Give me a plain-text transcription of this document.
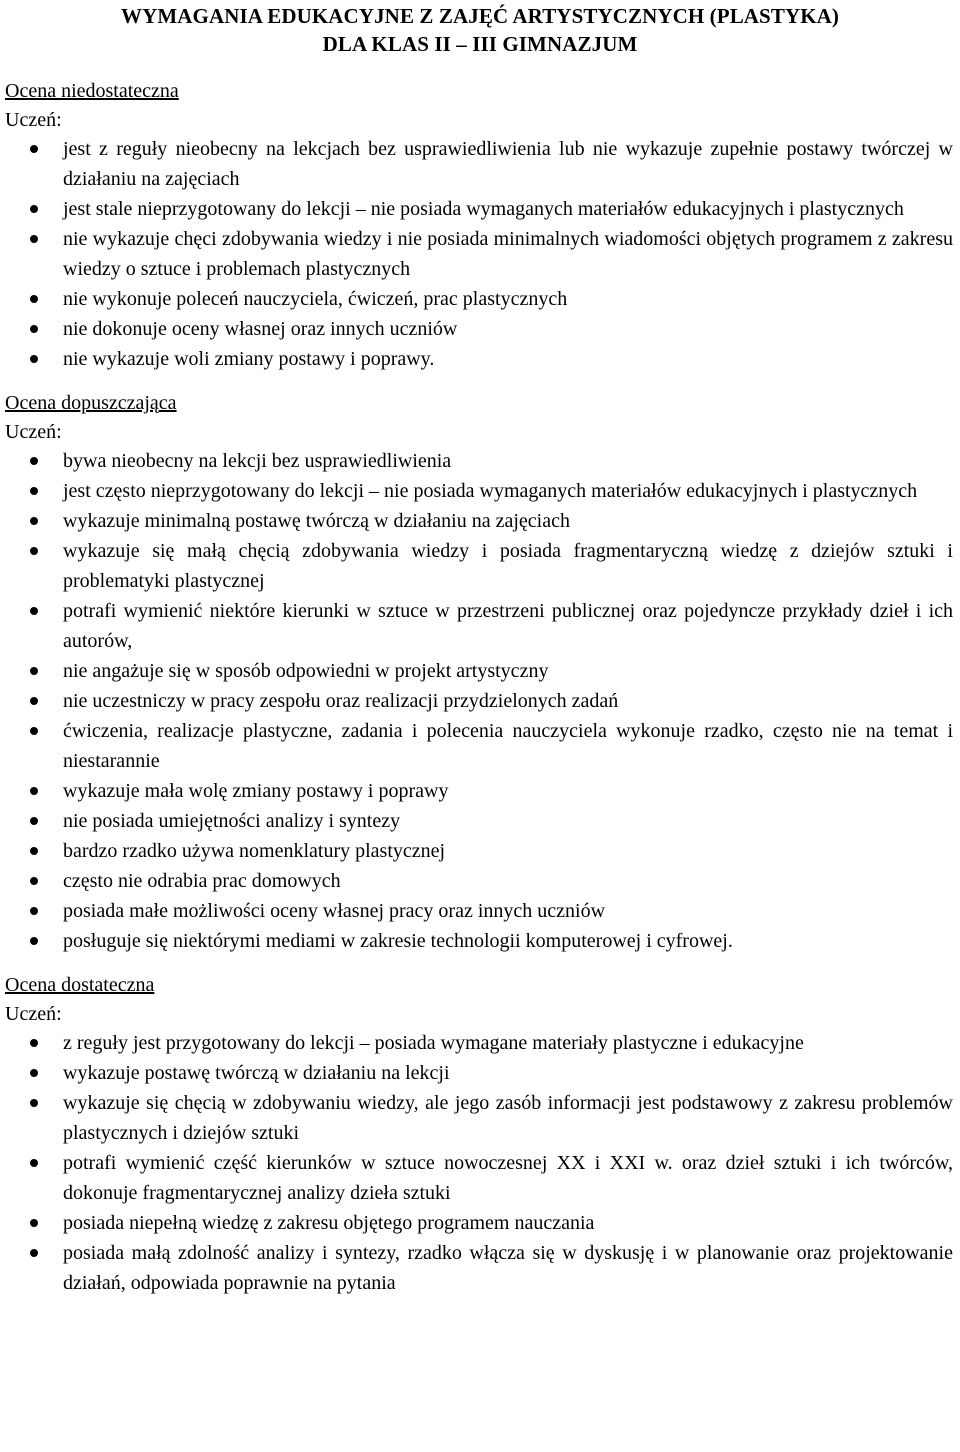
WYMAGANIA EDUKACYJNE Z ZAJĘĆ ARTYSTYCZNYCH (PLASTYKA)
DLA KLAS II – III GIMNAZJUM

Ocena niedostateczna

Uczeń:

jest z reguły nieobecny na lekcjach bez usprawiedliwienia lub nie wykazuje zupełnie postawy twórczej w działaniu na zajęciach
jest stale nieprzygotowany do lekcji – nie posiada wymaganych materiałów edukacyjnych i plastycznych
nie wykazuje chęci zdobywania wiedzy i nie posiada minimalnych wiadomości objętych programem z zakresu wiedzy o sztuce i problemach plastycznych
nie wykonuje poleceń nauczyciela, ćwiczeń, prac plastycznych
nie dokonuje oceny własnej oraz innych uczniów
nie wykazuje woli zmiany postawy i poprawy.

Ocena dopuszczająca

Uczeń:

bywa nieobecny na lekcji bez usprawiedliwienia
jest często nieprzygotowany do lekcji – nie posiada wymaganych materiałów edukacyjnych i plastycznych
wykazuje minimalną postawę twórczą w działaniu na zajęciach
wykazuje się małą chęcią zdobywania wiedzy i posiada fragmentaryczną wiedzę z dziejów sztuki i problematyki plastycznej
potrafi wymienić niektóre kierunki w sztuce w przestrzeni publicznej oraz pojedyncze przykłady dzieł i ich autorów,
nie angażuje się w sposób odpowiedni w projekt artystyczny
nie uczestniczy w pracy zespołu oraz realizacji przydzielonych zadań
ćwiczenia, realizacje plastyczne, zadania i polecenia nauczyciela wykonuje rzadko, często nie na temat i niestarannie
wykazuje mała wolę zmiany postawy i poprawy
nie posiada umiejętności analizy i syntezy
bardzo rzadko używa nomenklatury plastycznej
często nie odrabia prac domowych
posiada małe możliwości oceny własnej pracy oraz innych uczniów
posługuje się niektórymi mediami w zakresie technologii komputerowej i cyfrowej.

Ocena dostateczna

Uczeń:

z reguły jest przygotowany do lekcji – posiada wymagane materiały plastyczne i edukacyjne
wykazuje postawę twórczą w działaniu na lekcji
wykazuje się chęcią w zdobywaniu wiedzy, ale jego zasób informacji jest podstawowy z zakresu problemów plastycznych i dziejów sztuki
potrafi wymienić część kierunków w sztuce nowoczesnej XX i XXI w. oraz dzieł sztuki i ich twórców, dokonuje fragmentarycznej analizy dzieła sztuki
posiada niepełną wiedzę z zakresu objętego programem nauczania
posiada małą zdolność analizy i syntezy, rzadko włącza się w dyskusję i w planowanie oraz projektowanie działań, odpowiada poprawnie na pytania
